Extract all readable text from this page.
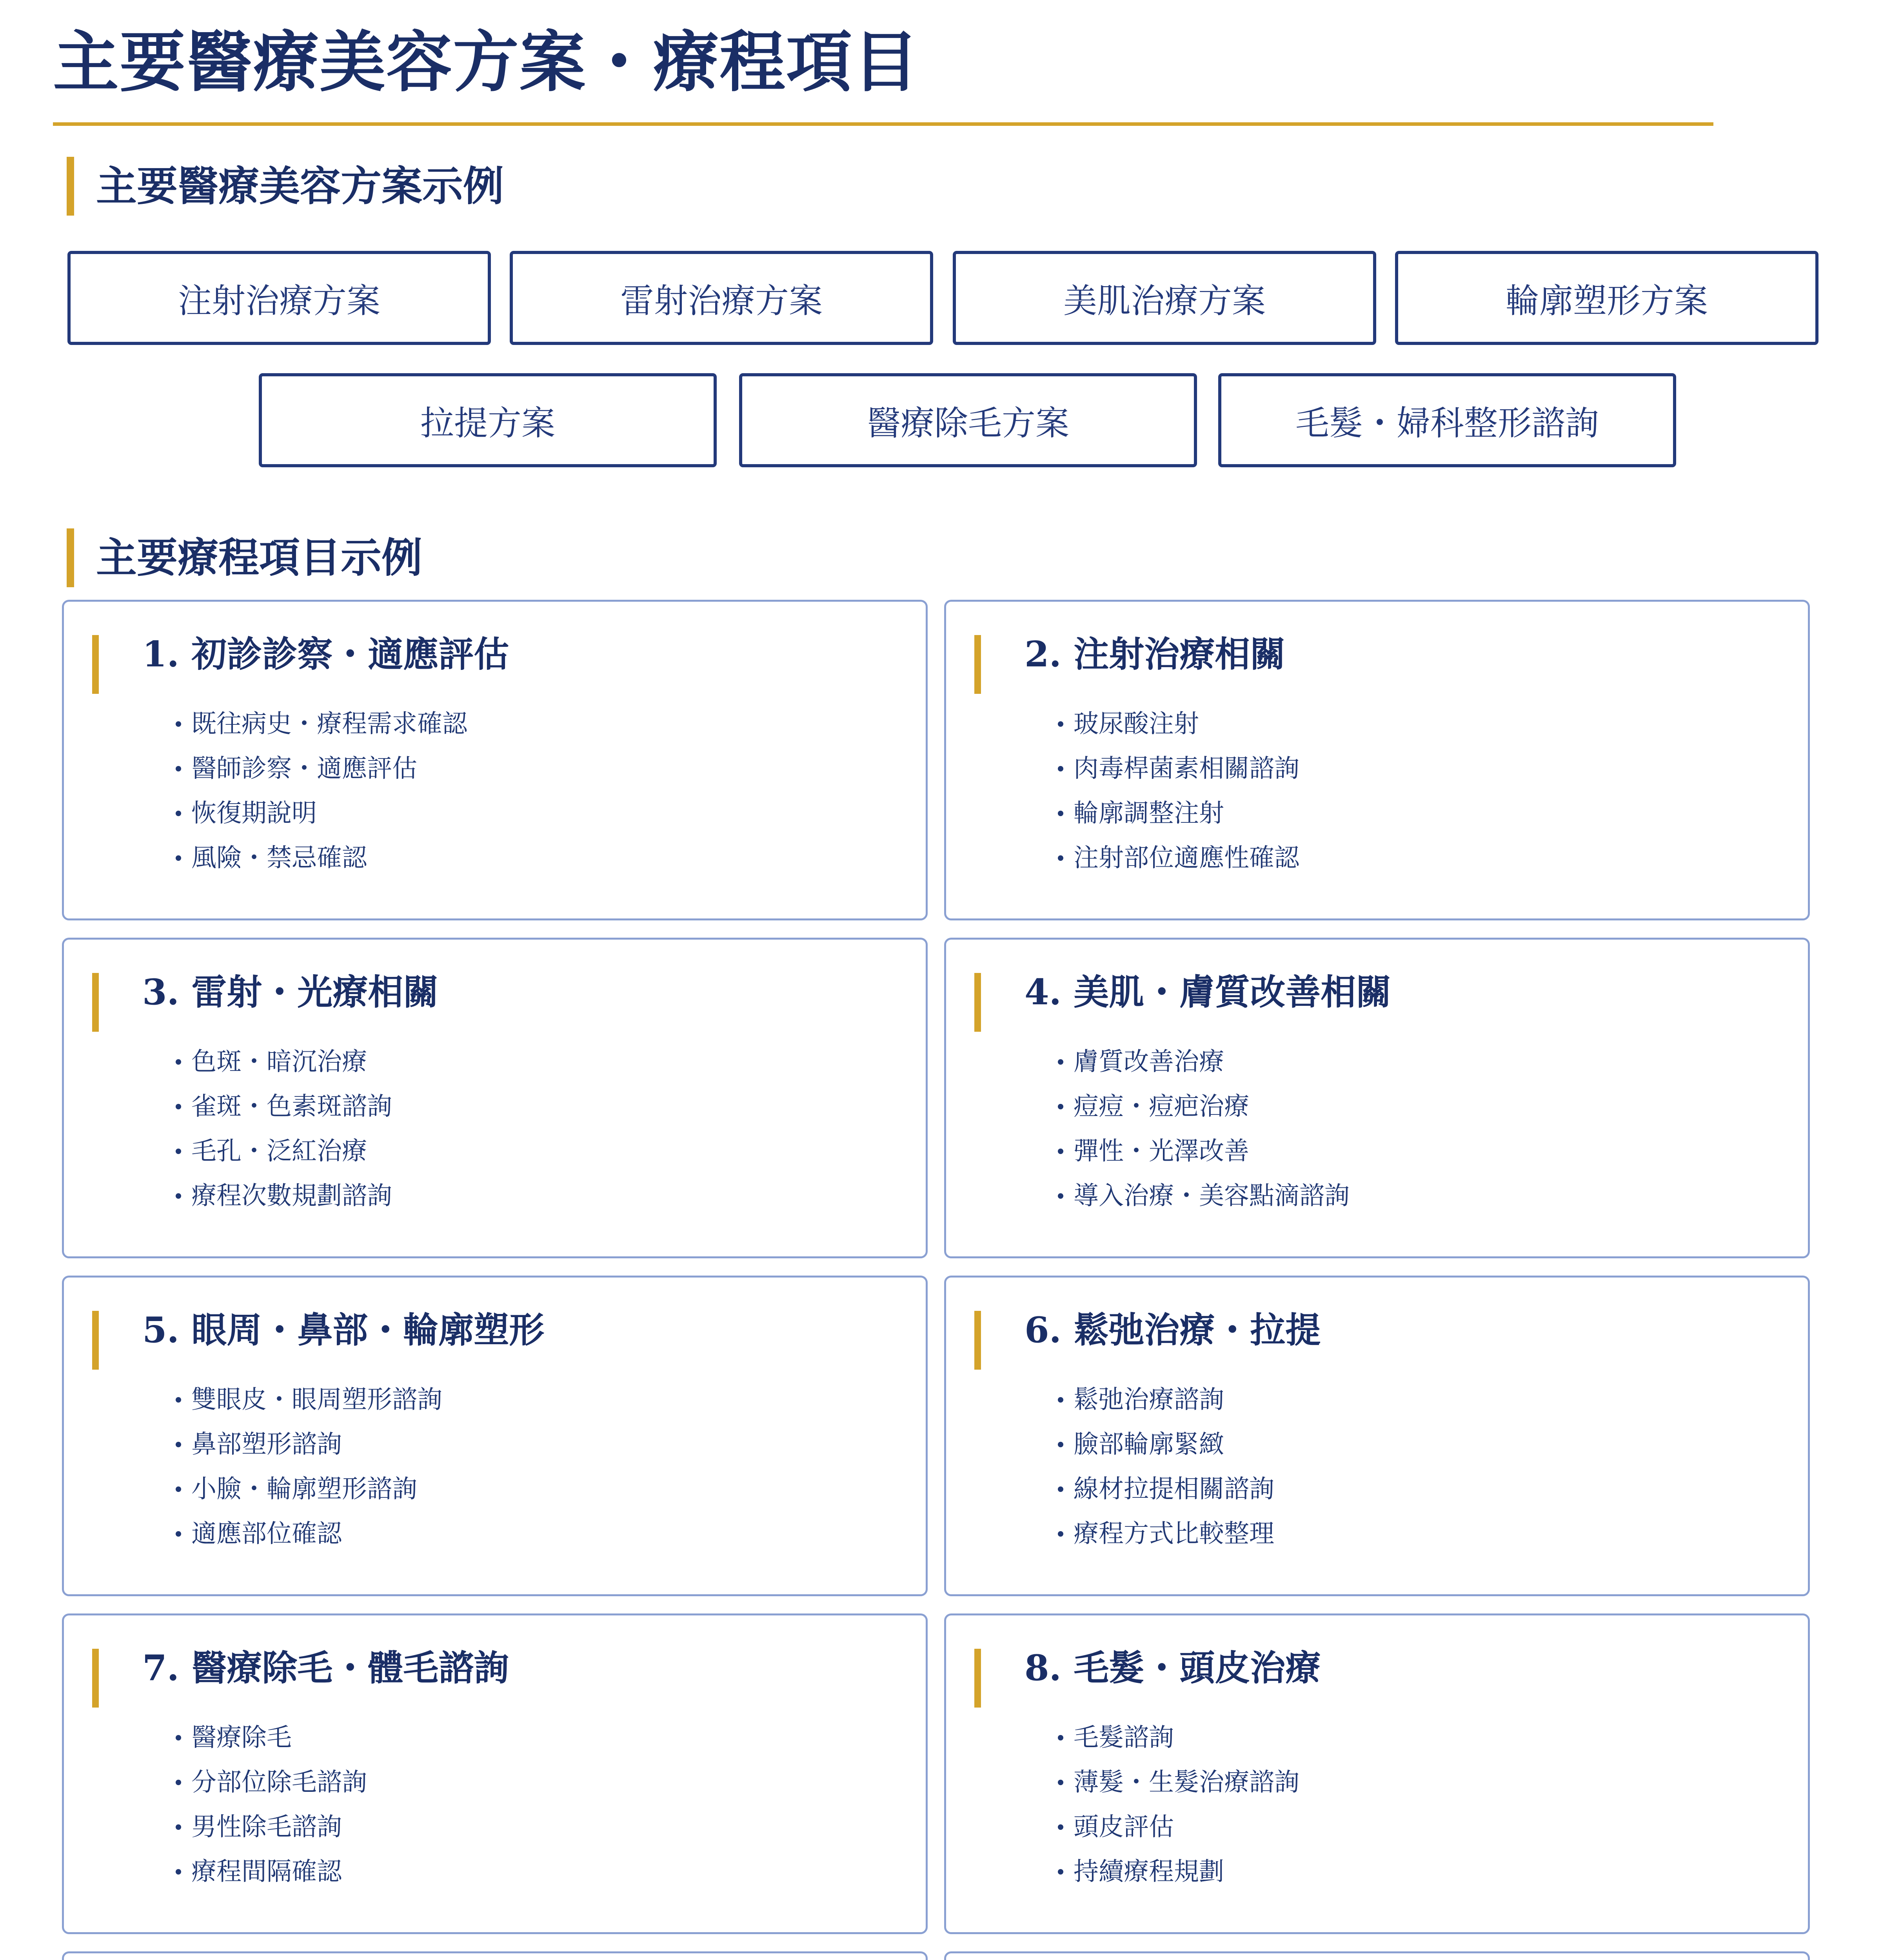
主要醫療美容方案・療程項目
主要醫療美容方案示例
注射治療方案	雷射治療方案	美肌治療方案	輪廓塑形方案
拉提方案	醫療除毛方案	毛髮・婦科整形諮詢
主要療程項目示例
1. 初診診察・適應評估
既往病史・療程需求確認
醫師診察・適應評估
恢復期說明
風險・禁忌確認
2. 注射治療相關
玻尿酸注射
肉毒桿菌素相關諮詢
輪廓調整注射
注射部位適應性確認
3. 雷射・光療相關
色斑・暗沉治療
雀斑・色素斑諮詢
毛孔・泛紅治療
療程次數規劃諮詢
4. 美肌・膚質改善相關
膚質改善治療
痘痘・痘疤治療
彈性・光澤改善
導入治療・美容點滴諮詢
5. 眼周・鼻部・輪廓塑形
雙眼皮・眼周塑形諮詢
鼻部塑形諮詢
小臉・輪廓塑形諮詢
適應部位確認
6. 鬆弛治療・拉提
鬆弛治療諮詢
臉部輪廓緊緻
線材拉提相關諮詢
療程方式比較整理
7. 醫療除毛・體毛諮詢
醫療除毛
分部位除毛諮詢
男性除毛諮詢
療程間隔確認
8. 毛髮・頭皮治療
毛髮諮詢
薄髮・生髮治療諮詢
頭皮評估
持續療程規劃
